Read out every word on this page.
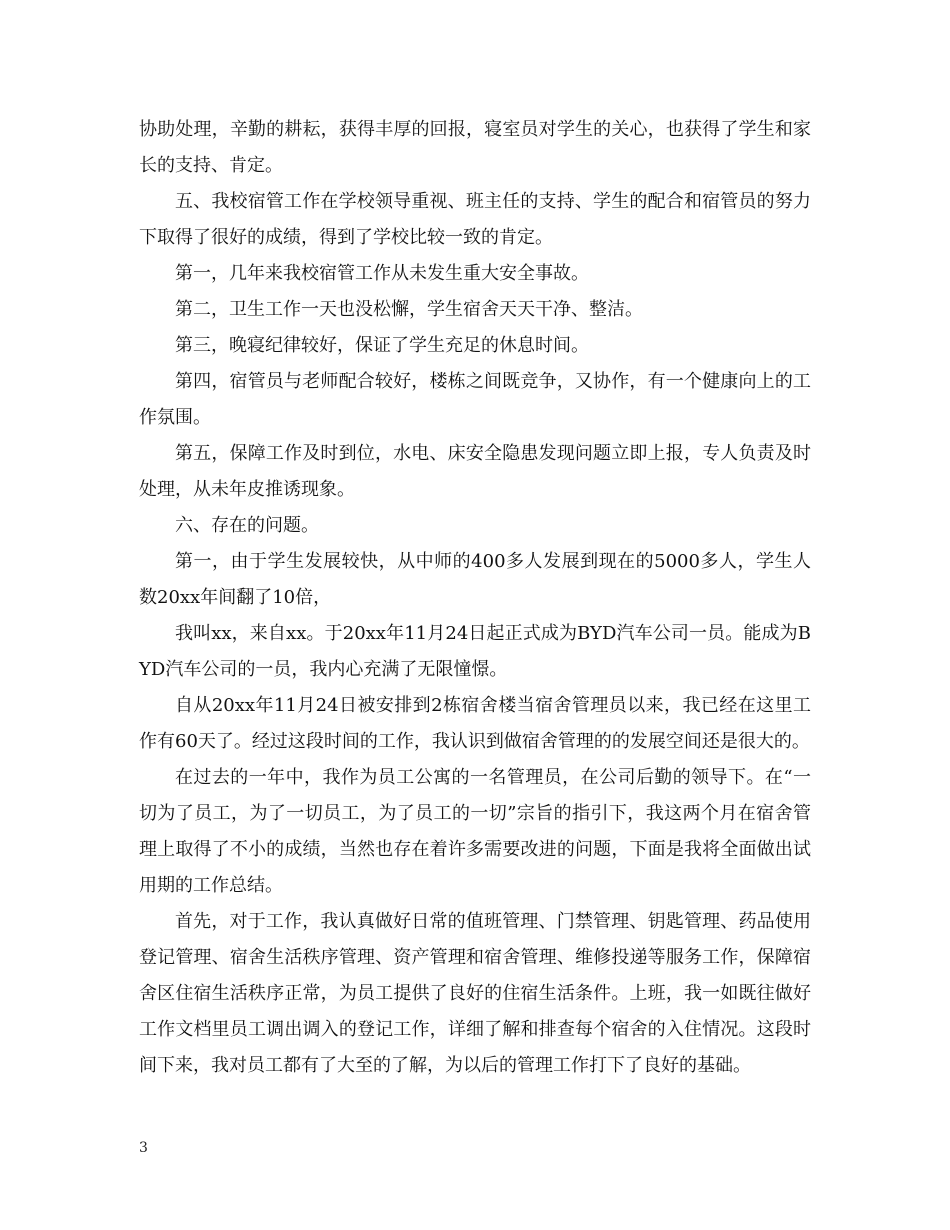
协助处理，辛勤的耕耘，获得丰厚的回报，寝室员对学生的关心，也获得了学生和家长的支持、肯定。

五、我校宿管工作在学校领导重视、班主任的支持、学生的配合和宿管员的努力下取得了很好的成绩，得到了学校比较一致的肯定。

第一，几年来我校宿管工作从未发生重大安全事故。

第二，卫生工作一天也没松懈，学生宿舍天天干净、整洁。

第三，晚寝纪律较好，保证了学生充足的休息时间。

第四，宿管员与老师配合较好，楼栋之间既竞争，又协作，有一个健康向上的工作氛围。

第五，保障工作及时到位，水电、床安全隐患发现问题立即上报，专人负责及时处理，从未年皮推诱现象。

六、存在的问题。

第一，由于学生发展较快，从中师的400多人发展到现在的5000多人，学生人数20xx年间翻了10倍，

我叫xx，来自xx。于20xx年11月24日起正式成为BYD汽车公司一员。能成为BYD汽车公司的一员，我内心充满了无限憧憬。

自从20xx年11月24日被安排到2栋宿舍楼当宿舍管理员以来，我已经在这里工作有60天了。经过这段时间的工作，我认识到做宿舍管理的的发展空间还是很大的。

在过去的一年中，我作为员工公寓的一名管理员，在公司后勤的领导下。在“一切为了员工，为了一切员工，为了员工的一切”宗旨的指引下，我这两个月在宿舍管理上取得了不小的成绩，当然也存在着许多需要改进的问题，下面是我将全面做出试用期的工作总结。

首先，对于工作，我认真做好日常的值班管理、门禁管理、钥匙管理、药品使用登记管理、宿舍生活秩序管理、资产管理和宿舍管理、维修投递等服务工作，保障宿舍区住宿生活秩序正常，为员工提供了良好的住宿生活条件。上班，我一如既往做好工作文档里员工调出调入的登记工作，详细了解和排查每个宿舍的入住情况。这段时间下来，我对员工都有了大至的了解，为以后的管理工作打下了良好的基础。

3
